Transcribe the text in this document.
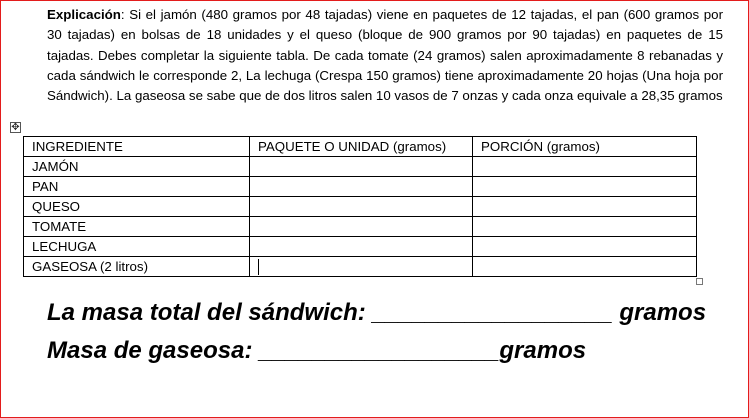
Explicación: Si el jamón (480 gramos por 48 tajadas) viene en paquetes de 12 tajadas, el pan (600 gramos por 30 tajadas) en bolsas de 18 unidades y el queso (bloque de 900 gramos por 90 tajadas) en paquetes de 15 tajadas. Debes completar la siguiente tabla. De cada tomate (24 gramos) salen aproximadamente 8 rebanadas y cada sándwich le corresponde 2, La lechuga (Crespa 150 gramos) tiene aproximadamente 20 hojas (Una hoja por Sándwich). La gaseosa se sabe que de dos litros salen 10 vasos de 7 onzas y cada onza equivale a 28,35 gramos
✥
INGREDIENTE	PAQUETE O UNIDAD (gramos)	PORCIÓN (gramos)
JAMÓN		
PAN		
QUESO		
TOMATE		
LECHUGA		
GASEOSA (2 litros)		
La masa total del sándwich: __________________ gramos
Masa de gaseosa: __________________gramos
